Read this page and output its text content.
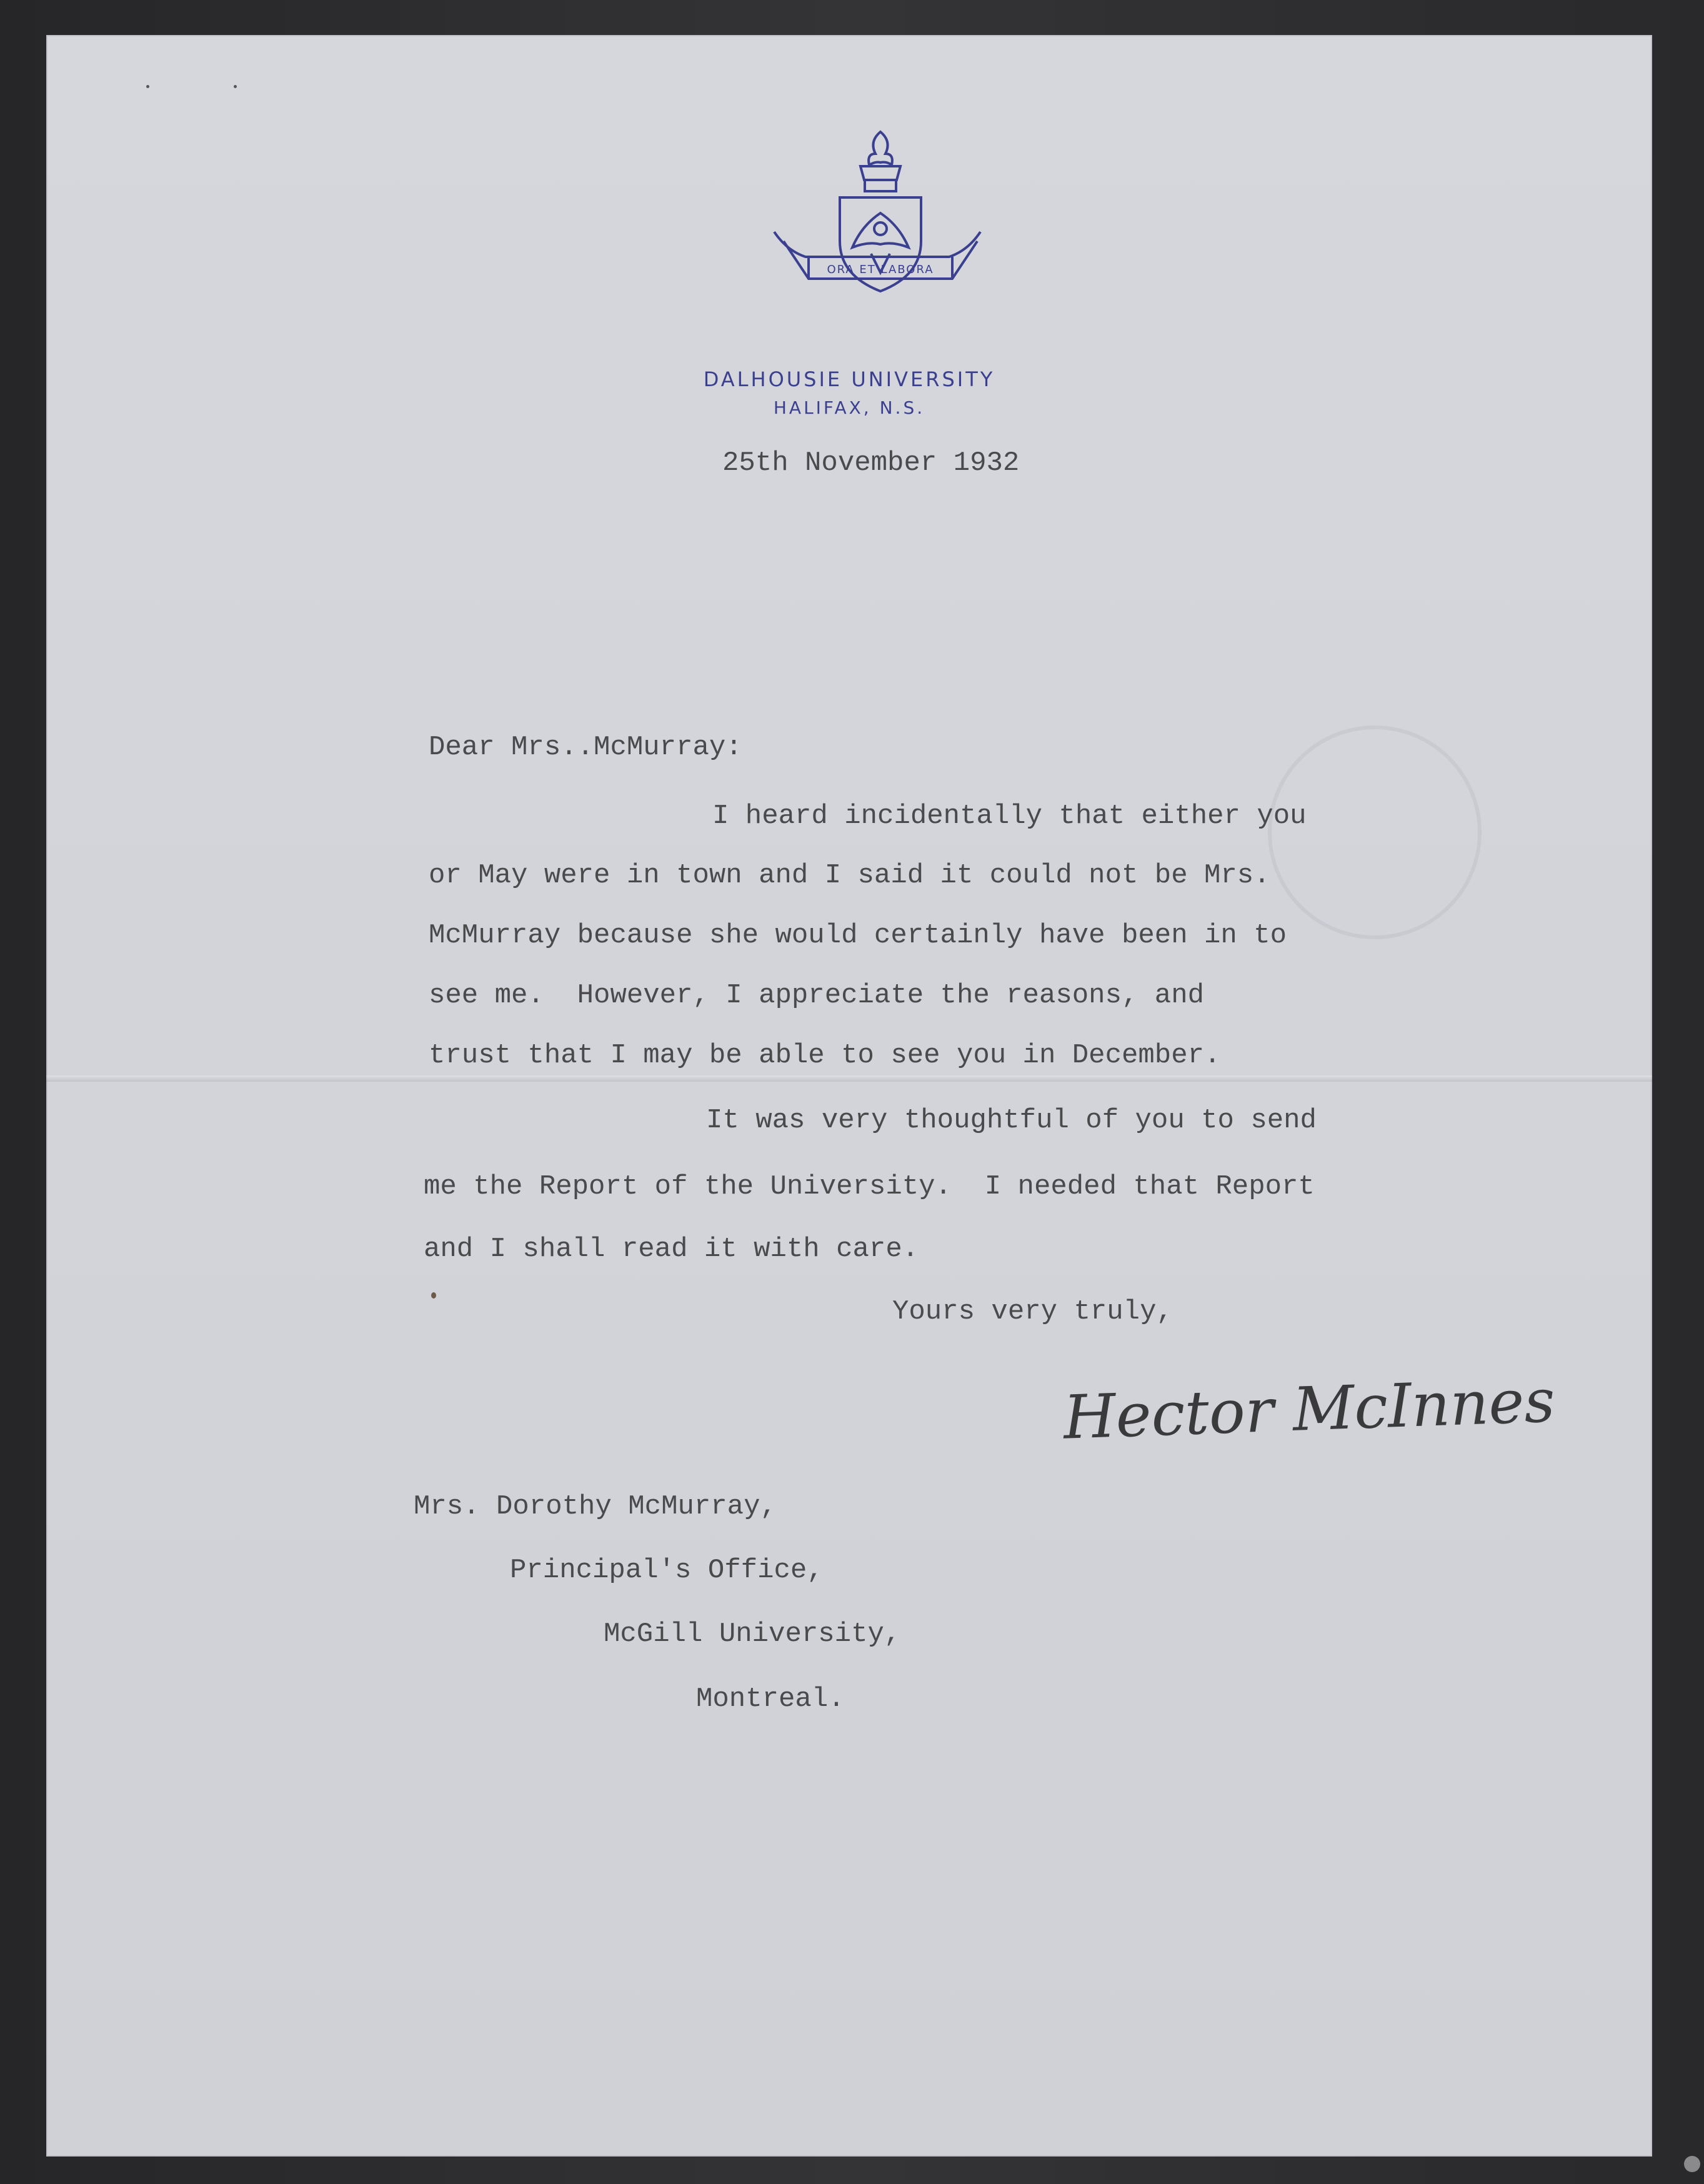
ORA ET LABORA
DALHOUSIE UNIVERSITY
HALIFAX, N.S.
25th November 1932
Dear Mrs..McMurray:
I heard incidentally that either you
or May were in town and I said it could not be Mrs.
McMurray because she would certainly have been in to
see me.  However, I appreciate the reasons, and
trust that I may be able to see you in December.
It was very thoughtful of you to send
me the Report of the University.  I needed that Report
and I shall read it with care.
Yours very truly,
Hector McInnes
Mrs. Dorothy McMurray,
Principal's Office,
McGill University,
Montreal.
